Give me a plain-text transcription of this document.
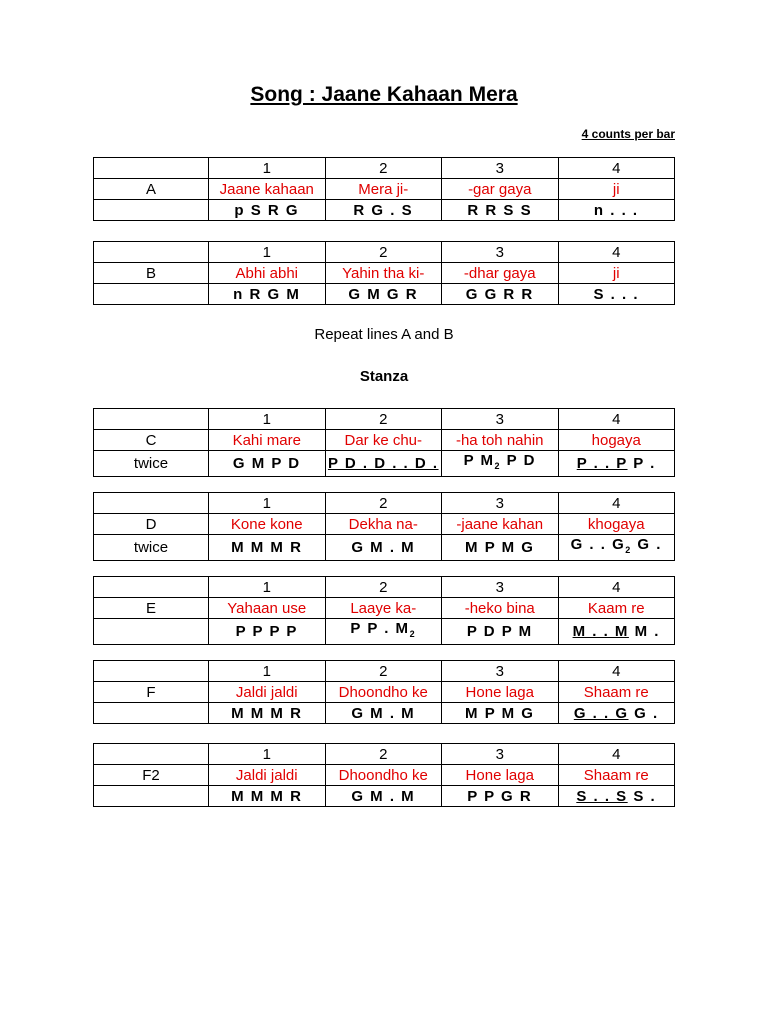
Song : Jaane Kahaan Mera
4 counts per bar
	1	2	3	4
A	Jaane kahaan	Mera ji-	-gar gaya	ji
	p S R G	R G . S	R R S S	n . . .
	1	2	3	4
B	Abhi abhi	Yahin tha ki-	-dhar gaya	ji
	n R G M	G M G R	G G R R	S . . .
Repeat lines A and B
Stanza
	1	2	3	4
C	Kahi mare	Dar ke chu-	-ha toh nahin	hogaya
twice	G M P D	P D . D . . D .	P $M_2$ P D	P . . P P .
	1	2	3	4
D	Kone kone	Dekha na-	-jaane kahan	khogaya
twice	M M M R	G M . M	M P M G	G . . $G_2$ G .
	1	2	3	4
E	Yahaan use	Laaye ka-	-heko bina	Kaam re
	P P P P	P P . $M_2$	P D P M	M . . M M .
	1	2	3	4
F	Jaldi jaldi	Dhoondho ke	Hone laga	Shaam re
	M M M R	G M . M	M P M G	G . . G G .
	1	2	3	4
F2	Jaldi jaldi	Dhoondho ke	Hone laga	Shaam re
	M M M R	G M . M	P P G R	S . . S S .
